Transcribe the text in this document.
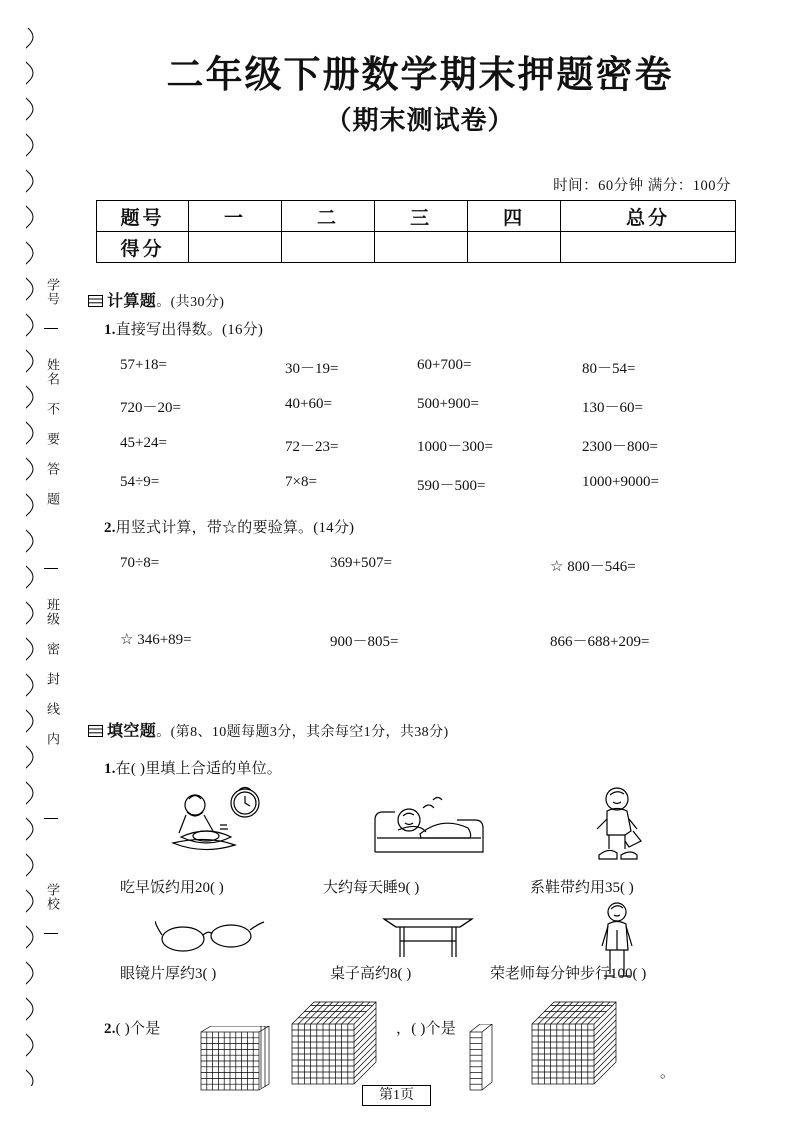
学号
姓名 不 要 答 题
班级 密 封 线 内
学校
二年级下册数学期末押题密卷
（期末测试卷）
时间：60分钟 满分：100分
题号	一	二	三	四	总分
得分					
计算题。(共30分)
1.直接写出得数。(16分)
57+18=	30－19=	60+700=	80－54=
720－20=	40+60=	500+900=	130－60=
45+24=	72－23=	1000－300=	2300－800=
54÷9=	7×8=	590－500=	1000+9000=
2.用竖式计算，带☆的要验算。(14分)
70÷8=	369+507=	☆ 800－546=
☆ 346+89=	900－805=	866－688+209=
填空题。(第8、10题每题3分，其余每空1分，共38分)
1.在( )里填上合适的单位。
吃早饭约用20( )	大约每天睡9( )	系鞋带约用35( )
眼镜片厚约3( )	桌子高约8( )	荣老师每分钟步行100( )
2.( )个是	，( )个是
。
第1页
